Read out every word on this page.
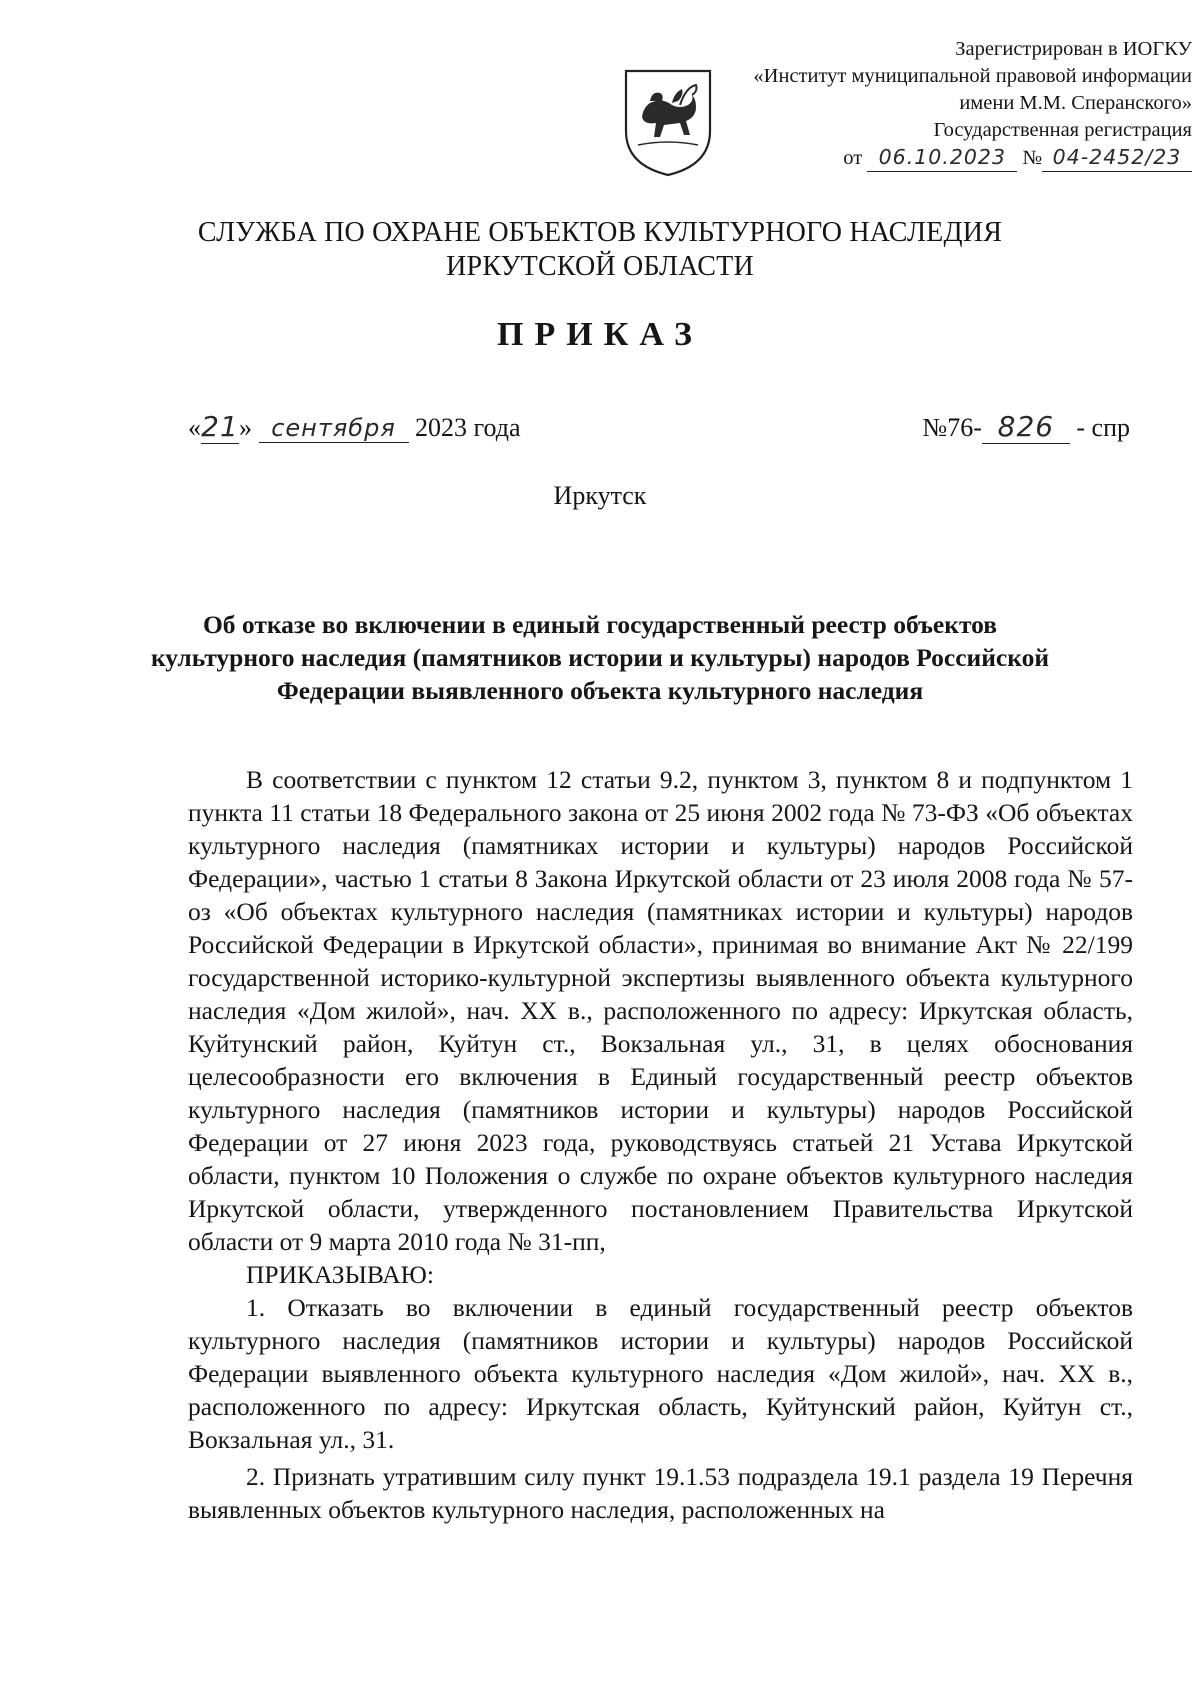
Зарегистрирован в ИОГКУ
«Институт муниципальной правовой информации
имени М.М. Сперанского»
Государственная регистрация
от 06.10.2023 № 04-2452/23
СЛУЖБА ПО ОХРАНЕ ОБЪЕКТОВ КУЛЬТУРНОГО НАСЛЕДИЯ
ИРКУТСКОЙ ОБЛАСТИ
ПРИКАЗ
«21» сентября 2023 года	№76- 826 - спр
Иркутск
Об отказе во включении в единый государственный реестр объектов культурного наследия (памятников истории и культуры) народов Российской Федерации выявленного объекта культурного наследия

В соответствии с пунктом 12 статьи 9.2, пунктом 3, пунктом 8 и подпунктом 1 пункта 11 статьи 18 Федерального закона от 25 июня 2002 года № 73-ФЗ «Об объектах культурного наследия (памятниках истории и культуры) народов Российской Федерации», частью 1 статьи 8 Закона Иркутской области от 23 июля 2008 года № 57-оз «Об объектах культурного наследия (памятниках истории и культуры) народов Российской Федерации в Иркутской области», принимая во внимание Акт № 22/199 государственной историко-культурной экспертизы выявленного объекта культурного наследия «Дом жилой», нач. XX в., расположенного по адресу: Иркутская область, Куйтунский район, Куйтун ст., Вокзальная ул., 31, в целях обоснования целесообразности его включения в Единый государственный реестр объектов культурного наследия (памятников истории и культуры) народов Российской Федерации от 27 июня 2023 года, руководствуясь статьей 21 Устава Иркутской области, пунктом 10 Положения о службе по охране объектов культурного наследия Иркутской области, утвержденного постановлением Правительства Иркутской области от 9 марта 2010 года № 31-пп,

ПРИКАЗЫВАЮ:

1. Отказать во включении в единый государственный реестр объектов культурного наследия (памятников истории и культуры) народов Российской Федерации выявленного объекта культурного наследия «Дом жилой», нач. XX в., расположенного по адресу: Иркутская область, Куйтунский район, Куйтун ст., Вокзальная ул., 31.

2. Признать утратившим силу пункт 19.1.53 подраздела 19.1 раздела 19 Перечня выявленных объектов культурного наследия, расположенных на
